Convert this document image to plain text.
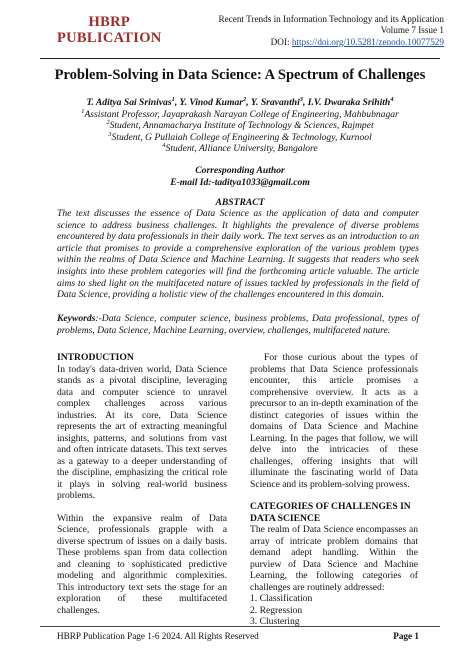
HBRP
PUBLICATION
Recent Trends in Information Technology and its Application
Volume 7 Issue 1
DOI: https://doi.org/10.5281/zenodo.10077529
Problem-Solving in Data Science: A Spectrum of Challenges
T. Aditya Sai Srinivas$^1$, Y. Vinod Kumar$^2$, Y. Sravanthi$^3$, I.V. Dwaraka Srihith$^4$
$^1$Assistant Professor, Jayaprakash Narayan College of Engineering, Mahbubnagar
$^2$Student, Annamacharya Institute of Technology & Sciences, Rajmpet
$^3$Student, G Pullaiah College of Engineering & Technology, Kurnool
$^4$Student, Alliance University, Bangalore
Corresponding Author
E-mail Id:-taditya1033@gmail.com
ABSTRACT
The text discusses the essence of Data Science as the application of data and computer science to address business challenges. It highlights the prevalence of diverse problems encountered by data professionals in their daily work. The text serves as an introduction to an article that promises to provide a comprehensive exploration of the various problem types within the realms of Data Science and Machine Learning. It suggests that readers who seek insights into these problem categories will find the forthcoming article valuable. The article aims to shed light on the multifaceted nature of issues tackled by professionals in the field of Data Science, providing a holistic view of the challenges encountered in this domain.
Keywords:-Data Science, computer science, business problems, Data professional, types of problems, Data Science, Machine Learning, overview, challenges, multifaceted nature.
INTRODUCTION

In today's data-driven world, Data Science stands as a pivotal discipline, leveraging data and computer science to unravel complex challenges across various industries. At its core, Data Science represents the art of extracting meaningful insights, patterns, and solutions from vast and often intricate datasets. This text serves as a gateway to a deeper understanding of the discipline, emphasizing the critical role it plays in solving real-world business problems.

Within the expansive realm of Data Science, professionals grapple with a diverse spectrum of issues on a daily basis. These problems span from data collection and cleaning to sophisticated predictive modeling and algorithmic complexities. This introductory text sets the stage for an exploration of these multifaceted challenges.

For those curious about the types of problems that Data Science professionals encounter, this article promises a comprehensive overview. It acts as a precursor to an in-depth examination of the distinct categories of issues within the domains of Data Science and Machine Learning. In the pages that follow, we will delve into the intricacies of these challenges, offering insights that will illuminate the fascinating world of Data Science and its problem-solving prowess.

CATEGORIES OF CHALLENGES IN DATA SCIENCE

The realm of Data Science encompasses an array of intricate problem domains that demand adept handling. Within the purview of Data Science and Machine Learning, the following categories of challenges are routinely addressed:

1. Classification
2. Regression
3. Clustering
HBRP Publication Page 1-6 2024. All Rights Reserved	Page 1
